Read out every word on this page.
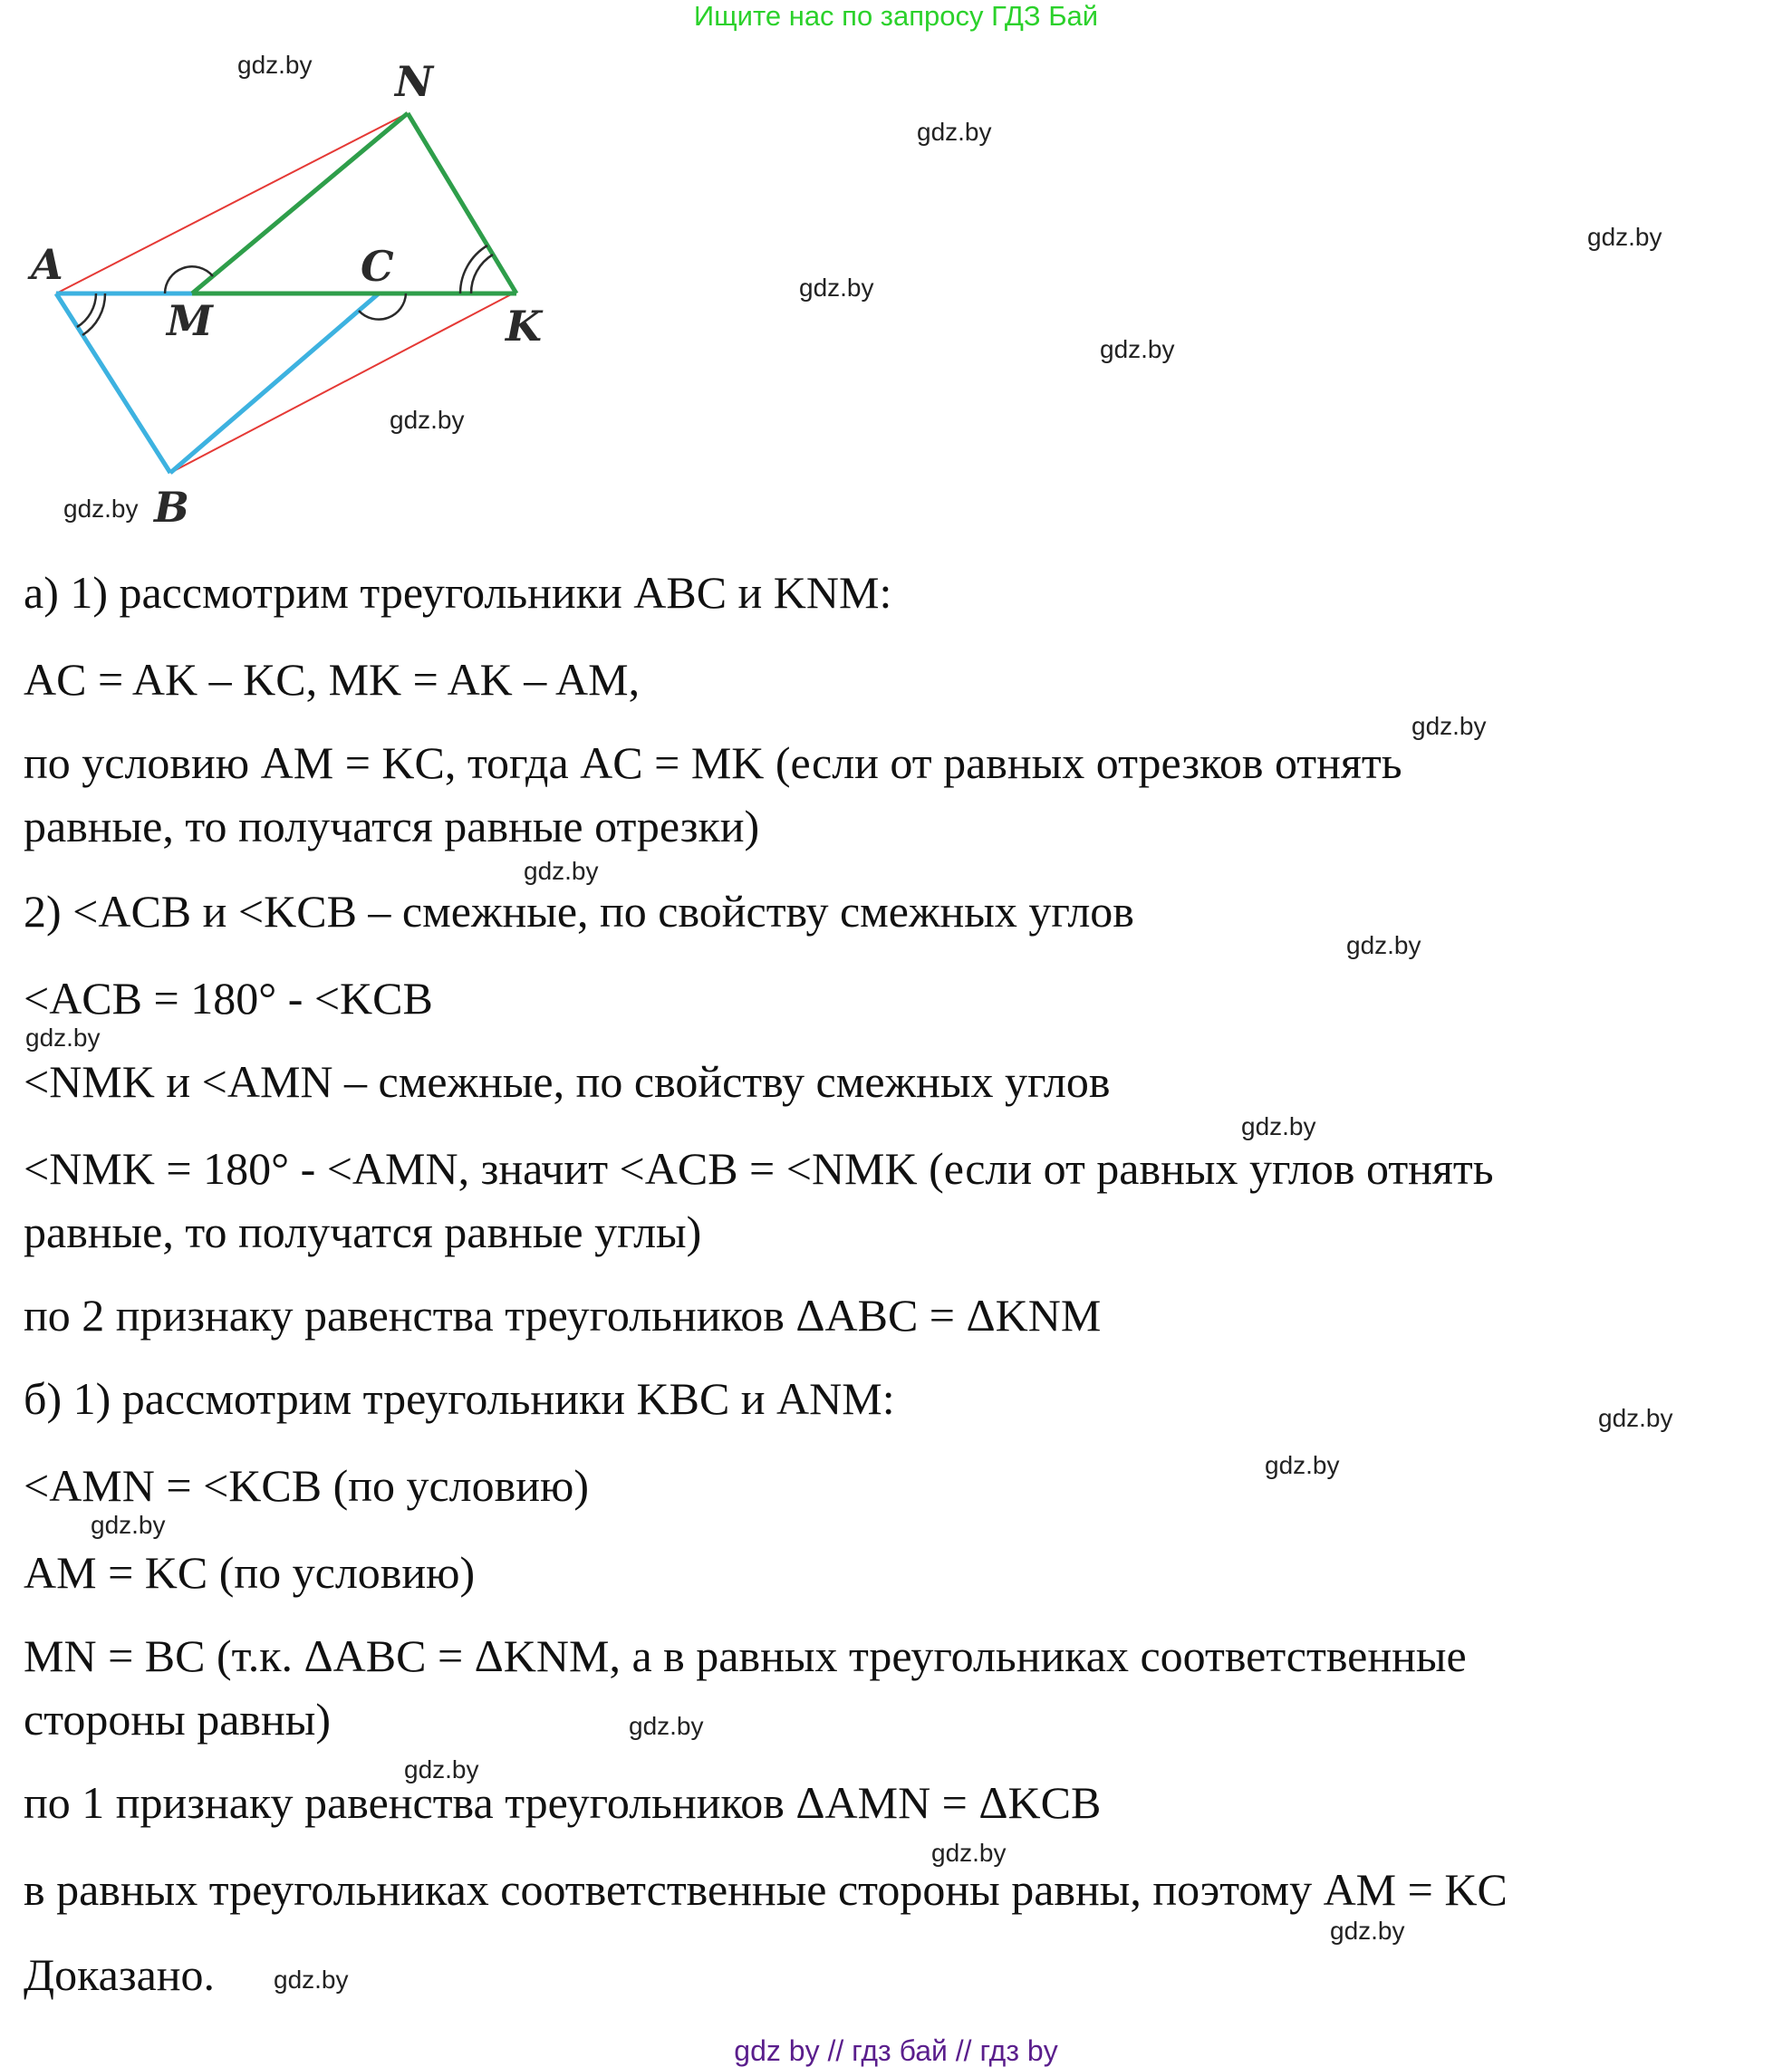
Ищите нас по запросу ГДЗ Бай
A
B
C
M
N
K
а) 1) рассмотрим треугольники ABC и KNM:
AC = AK – KC, MK = AK – AM,
по условию AM = KC, тогда AC = MK (если от равных отрезков отнять
равные, то получатся равные отрезки)
2) <ACB и <KCB – смежные, по свойству смежных углов
<ACB = 180° - <KCB
<NMK и <AMN – смежные, по свойству смежных углов
<NMK = 180° - <AMN, значит <ACB = <NMK (если от равных углов отнять
равные, то получатся равные углы)
по 2 признаку равенства треугольников ΔABC = ΔKNM
б) 1) рассмотрим треугольники KBC и ANM:
<AMN = <KCB (по условию)
AM = KC (по условию)
MN = BC (т.к. ΔABC = ΔKNM, а в равных треугольниках соответственные
стороны равны)
по 1 признаку равенства треугольников ΔAMN = ΔKCB
в равных треугольниках соответственные стороны равны, поэтому AM = KC
Доказано.
gdz.by
gdz.by
gdz.by
gdz.by
gdz.by
gdz.by
gdz.by
gdz.by
gdz.by
gdz.by
gdz.by
gdz.by
gdz.by
gdz.by
gdz.by
gdz.by
gdz.by
gdz.by
gdz.by
gdz.by
gdz by // гдз бай // гдз by
